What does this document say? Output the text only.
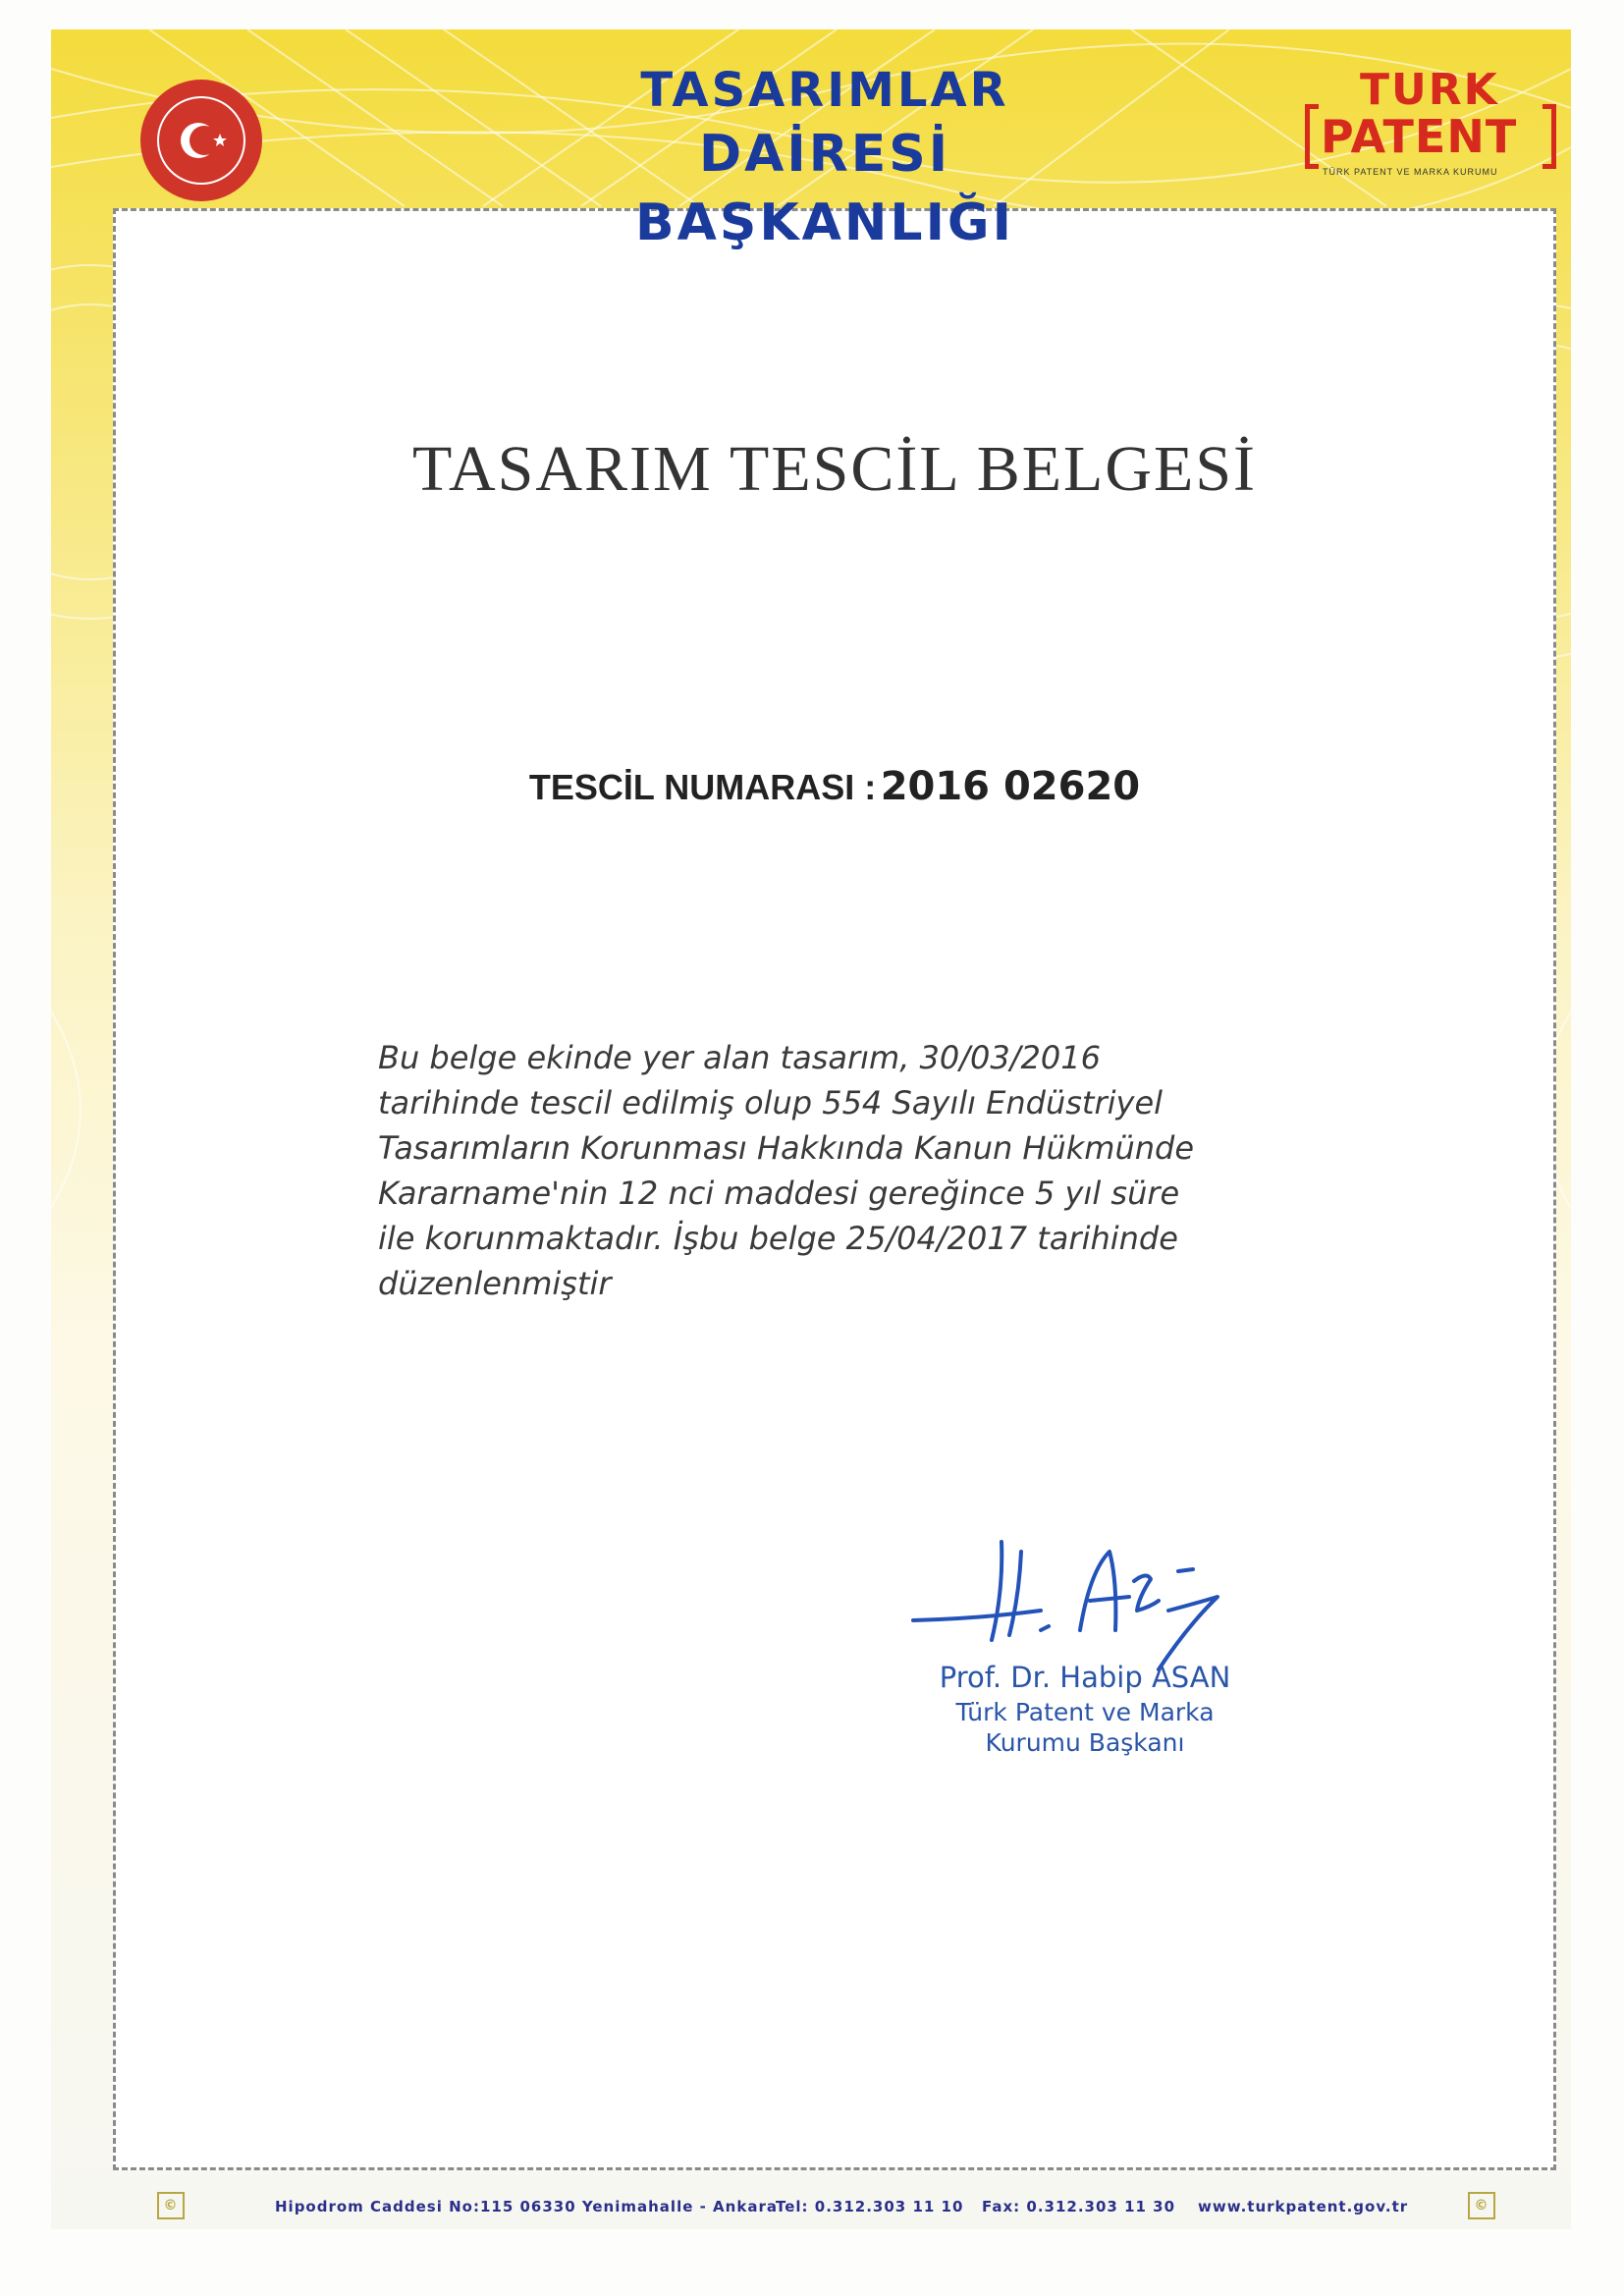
TASARIMLAR
DAİRESİ BAŞKANLIĞI
TURK
PATENT
TÜRK PATENT VE MARKA KURUMU
TASARIM TESCİL BELGESİ
TESCİL NUMARASI : 2016 02620
Bu belge ekinde yer alan tasarım, 30/03/2016
tarihinde tescil edilmiş olup 554 Sayılı Endüstriyel
Tasarımların Korunması Hakkında Kanun Hükmünde
Kararname'nin 12 nci maddesi gereğince 5 yıl süre
ile korunmaktadır. İşbu belge 25/04/2017 tarihinde
düzenlenmiştir
Prof. Dr. Habip ASAN
Türk Patent ve Marka
Kurumu Başkanı
©	Hipodrom Caddesi No:115 06330 Yenimahalle - Ankara
Tel: 0.312.303 11 10 Fax: 0.312.303 11 30 www.turkpatent.gov.tr	©
